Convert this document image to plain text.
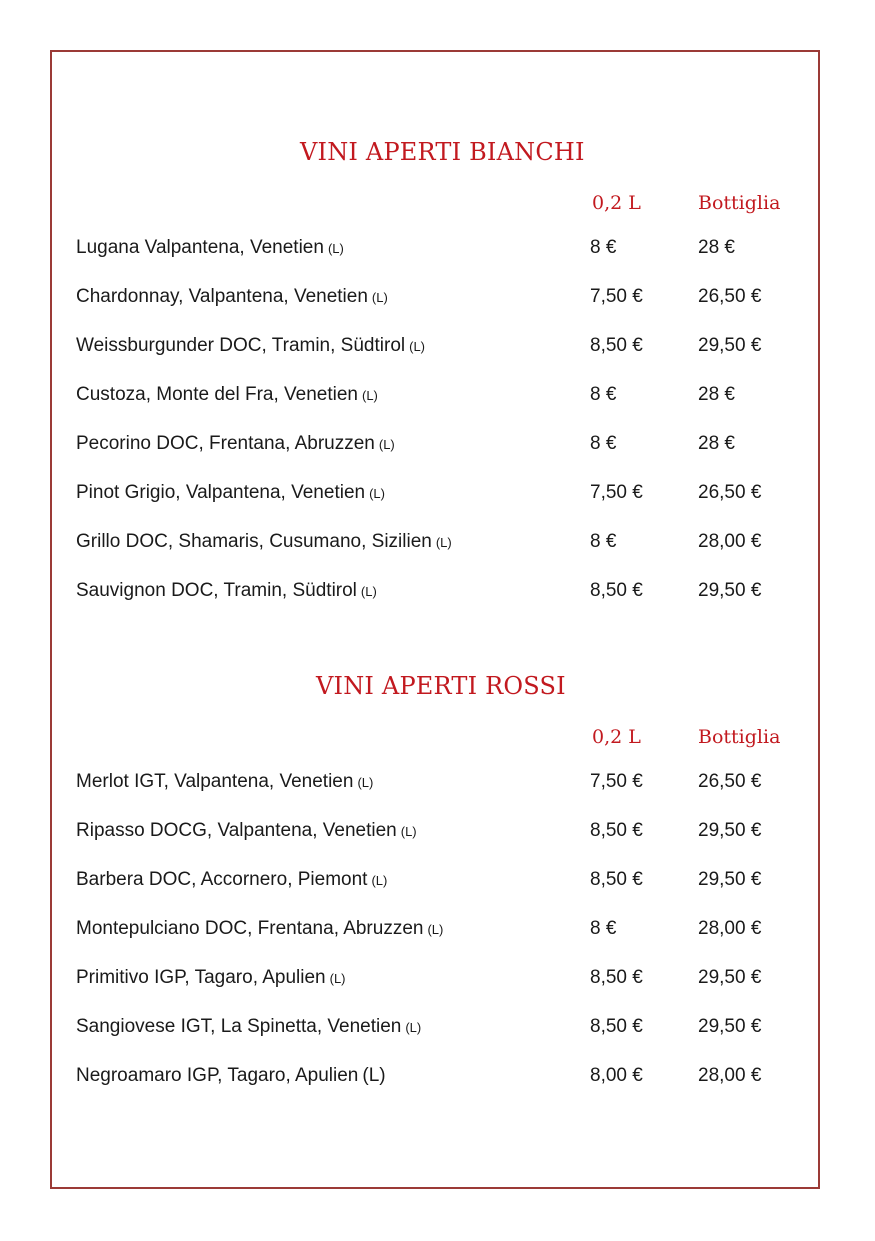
VINI APERTI BIANCHI
0,2 L	Bottiglia
Lugana Valpantena, Venetien (L)	8 €	28 €
Chardonnay, Valpantena, Venetien (L)	7,50 €	26,50 €
Weissburgunder DOC, Tramin, Südtirol (L)	8,50 €	29,50 €
Custoza, Monte del Fra, Venetien (L)	8 €	28 €
Pecorino DOC, Frentana, Abruzzen (L)	8 €	28 €
Pinot Grigio, Valpantena, Venetien (L)	7,50 €	26,50 €
Grillo DOC, Shamaris, Cusumano, Sizilien (L)	8 €	28,00 €
Sauvignon DOC, Tramin, Südtirol (L)	8,50 €	29,50 €
VINI APERTI ROSSI
0,2 L	Bottiglia
Merlot IGT, Valpantena, Venetien (L)	7,50 €	26,50 €
Ripasso DOCG, Valpantena, Venetien (L)	8,50 €	29,50 €
Barbera DOC, Accornero, Piemont (L)	8,50 €	29,50 €
Montepulciano DOC, Frentana, Abruzzen (L)	8 €	28,00 €
Primitivo IGP, Tagaro, Apulien (L)	8,50 €	29,50 €
Sangiovese IGT, La Spinetta, Venetien (L)	8,50 €	29,50 €
Negroamaro IGP, Tagaro, Apulien (L)	8,00 €	28,00 €
